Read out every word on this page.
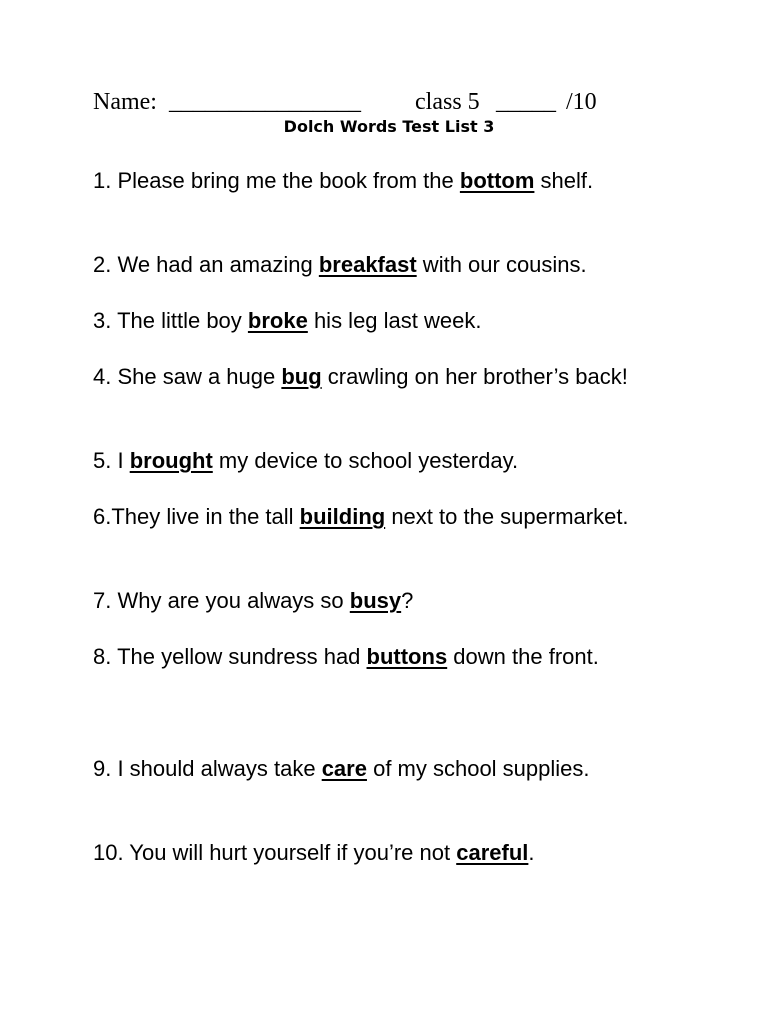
Name: ________________ class 5 _____ /10
Dolch Words Test List 3
1. Please bring me the book from the bottom shelf.
2. We had an amazing breakfast with our cousins.
3. The little boy broke his leg last week.
4. She saw a huge bug crawling on her brother’s back!
5. I brought my device to school yesterday.
6.They live in the tall building next to the supermarket.
7. Why are you always so busy?
8. The yellow sundress had buttons down the front.
9. I should always take care of my school supplies.
10. You will hurt yourself if you’re not careful.
